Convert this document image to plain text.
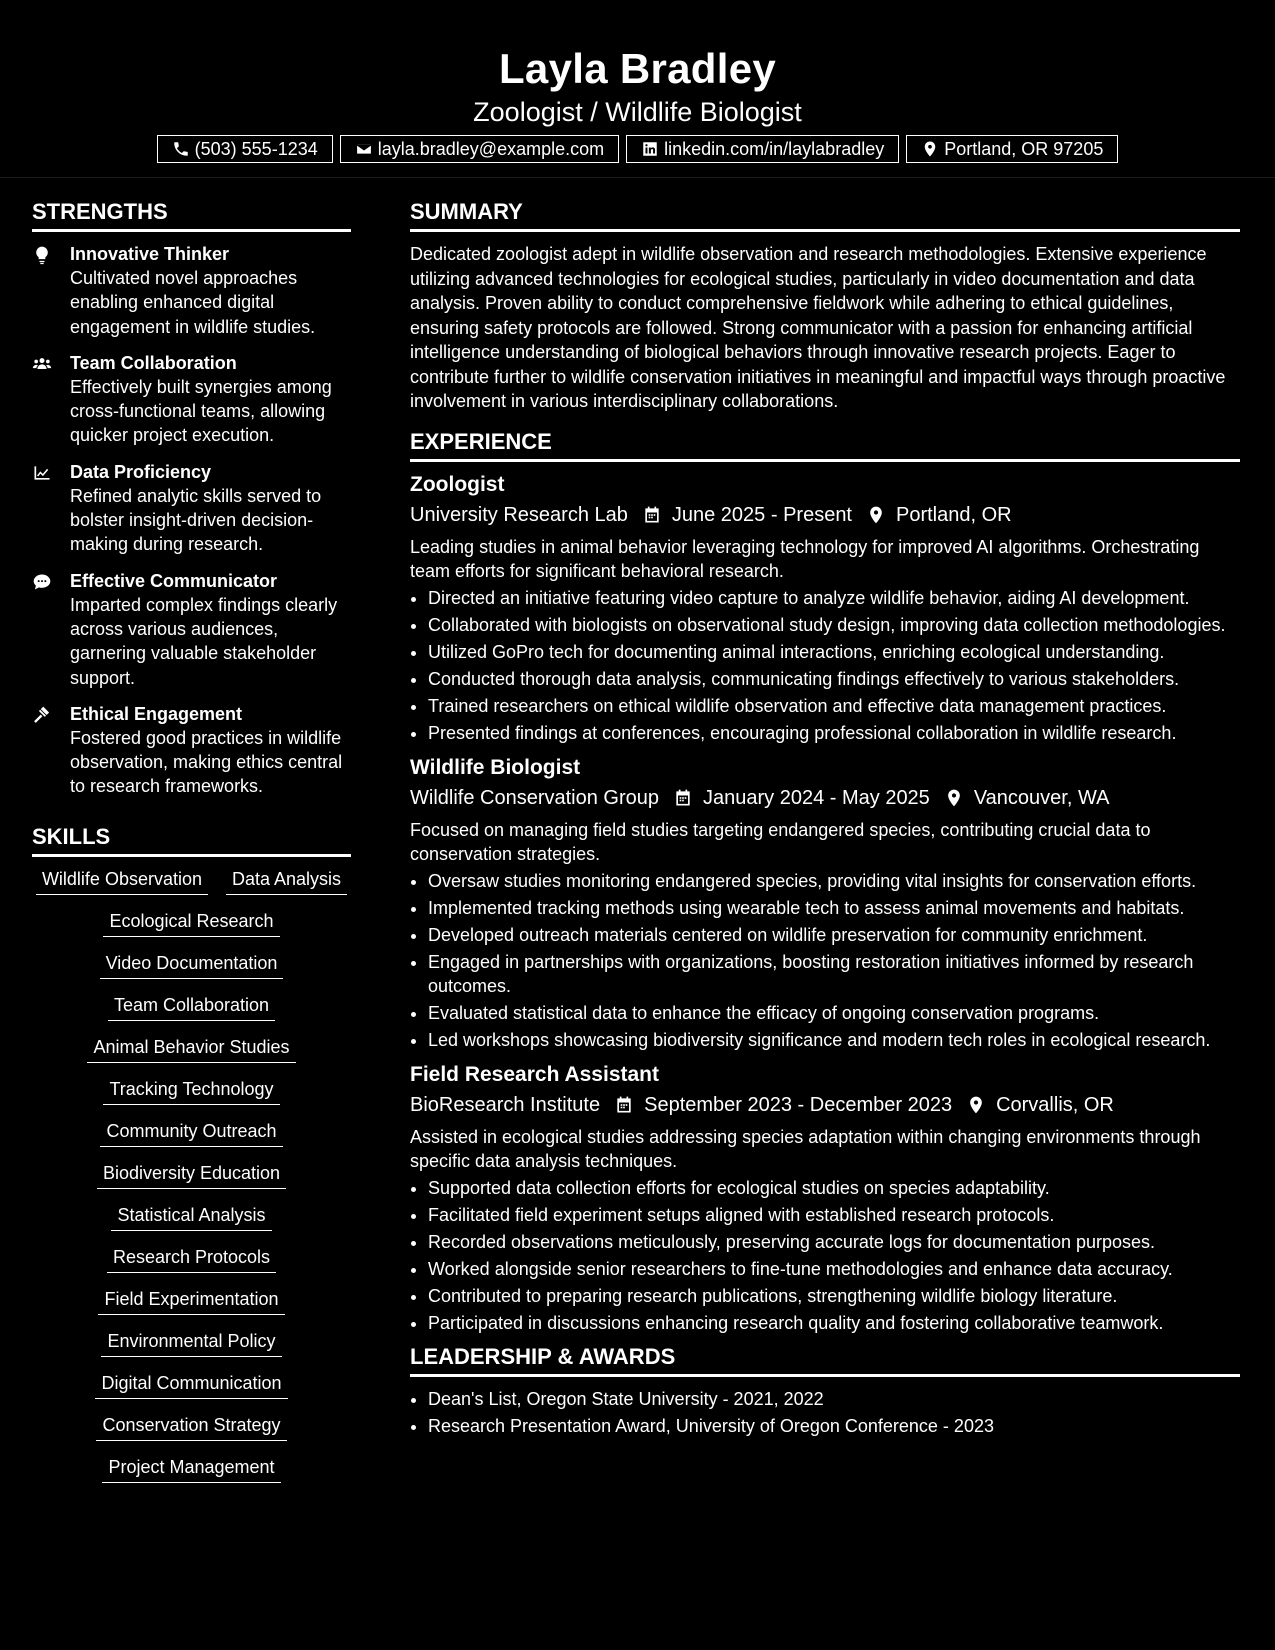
Layla Bradley
Zoologist / Wildlife Biologist
(503) 555-1234	layla.bradley@example.com	linkedin.com/in/laylabradley	Portland, OR 97205
STRENGTHS
Innovative Thinker
Cultivated novel approaches enabling enhanced digital engagement in wildlife studies.
Team Collaboration
Effectively built synergies among cross-functional teams, allowing quicker project execution.
Data Proficiency
Refined analytic skills served to bolster insight-driven decision-making during research.
Effective Communicator
Imparted complex findings clearly across various audiences, garnering valuable stakeholder support.
Ethical Engagement
Fostered good practices in wildlife observation, making ethics central to research frameworks.
SKILLS
Wildlife Observation	Data Analysis
Ecological Research
Video Documentation
Team Collaboration
Animal Behavior Studies
Tracking Technology
Community Outreach
Biodiversity Education
Statistical Analysis
Research Protocols
Field Experimentation
Environmental Policy
Digital Communication
Conservation Strategy
Project Management
SUMMARY
Dedicated zoologist adept in wildlife observation and research methodologies. Extensive experience utilizing advanced technologies for ecological studies, particularly in video documentation and data analysis. Proven ability to conduct comprehensive fieldwork while adhering to ethical guidelines, ensuring safety protocols are followed. Strong communicator with a passion for enhancing artificial intelligence understanding of biological behaviors through innovative research projects. Eager to contribute further to wildlife conservation initiatives in meaningful and impactful ways through proactive involvement in various interdisciplinary collaborations.
EXPERIENCE
Zoologist
University Research Lab June 2025 - Present Portland, OR
Leading studies in animal behavior leveraging technology for improved AI algorithms. Orchestrating team efforts for significant behavioral research.
• Directed an initiative featuring video capture to analyze wildlife behavior, aiding AI development.
• Collaborated with biologists on observational study design, improving data collection methodologies.
• Utilized GoPro tech for documenting animal interactions, enriching ecological understanding.
• Conducted thorough data analysis, communicating findings effectively to various stakeholders.
• Trained researchers on ethical wildlife observation and effective data management practices.
• Presented findings at conferences, encouraging professional collaboration in wildlife research.
Wildlife Biologist
Wildlife Conservation Group January 2024 - May 2025 Vancouver, WA
Focused on managing field studies targeting endangered species, contributing crucial data to conservation strategies.
• Oversaw studies monitoring endangered species, providing vital insights for conservation efforts.
• Implemented tracking methods using wearable tech to assess animal movements and habitats.
• Developed outreach materials centered on wildlife preservation for community enrichment.
• Engaged in partnerships with organizations, boosting restoration initiatives informed by research outcomes.
• Evaluated statistical data to enhance the efficacy of ongoing conservation programs.
• Led workshops showcasing biodiversity significance and modern tech roles in ecological research.
Field Research Assistant
BioResearch Institute September 2023 - December 2023 Corvallis, OR
Assisted in ecological studies addressing species adaptation within changing environments through specific data analysis techniques.
• Supported data collection efforts for ecological studies on species adaptability.
• Facilitated field experiment setups aligned with established research protocols.
• Recorded observations meticulously, preserving accurate logs for documentation purposes.
• Worked alongside senior researchers to fine-tune methodologies and enhance data accuracy.
• Contributed to preparing research publications, strengthening wildlife biology literature.
• Participated in discussions enhancing research quality and fostering collaborative teamwork.
LEADERSHIP & AWARDS
• Dean's List, Oregon State University - 2021, 2022
• Research Presentation Award, University of Oregon Conference - 2023
